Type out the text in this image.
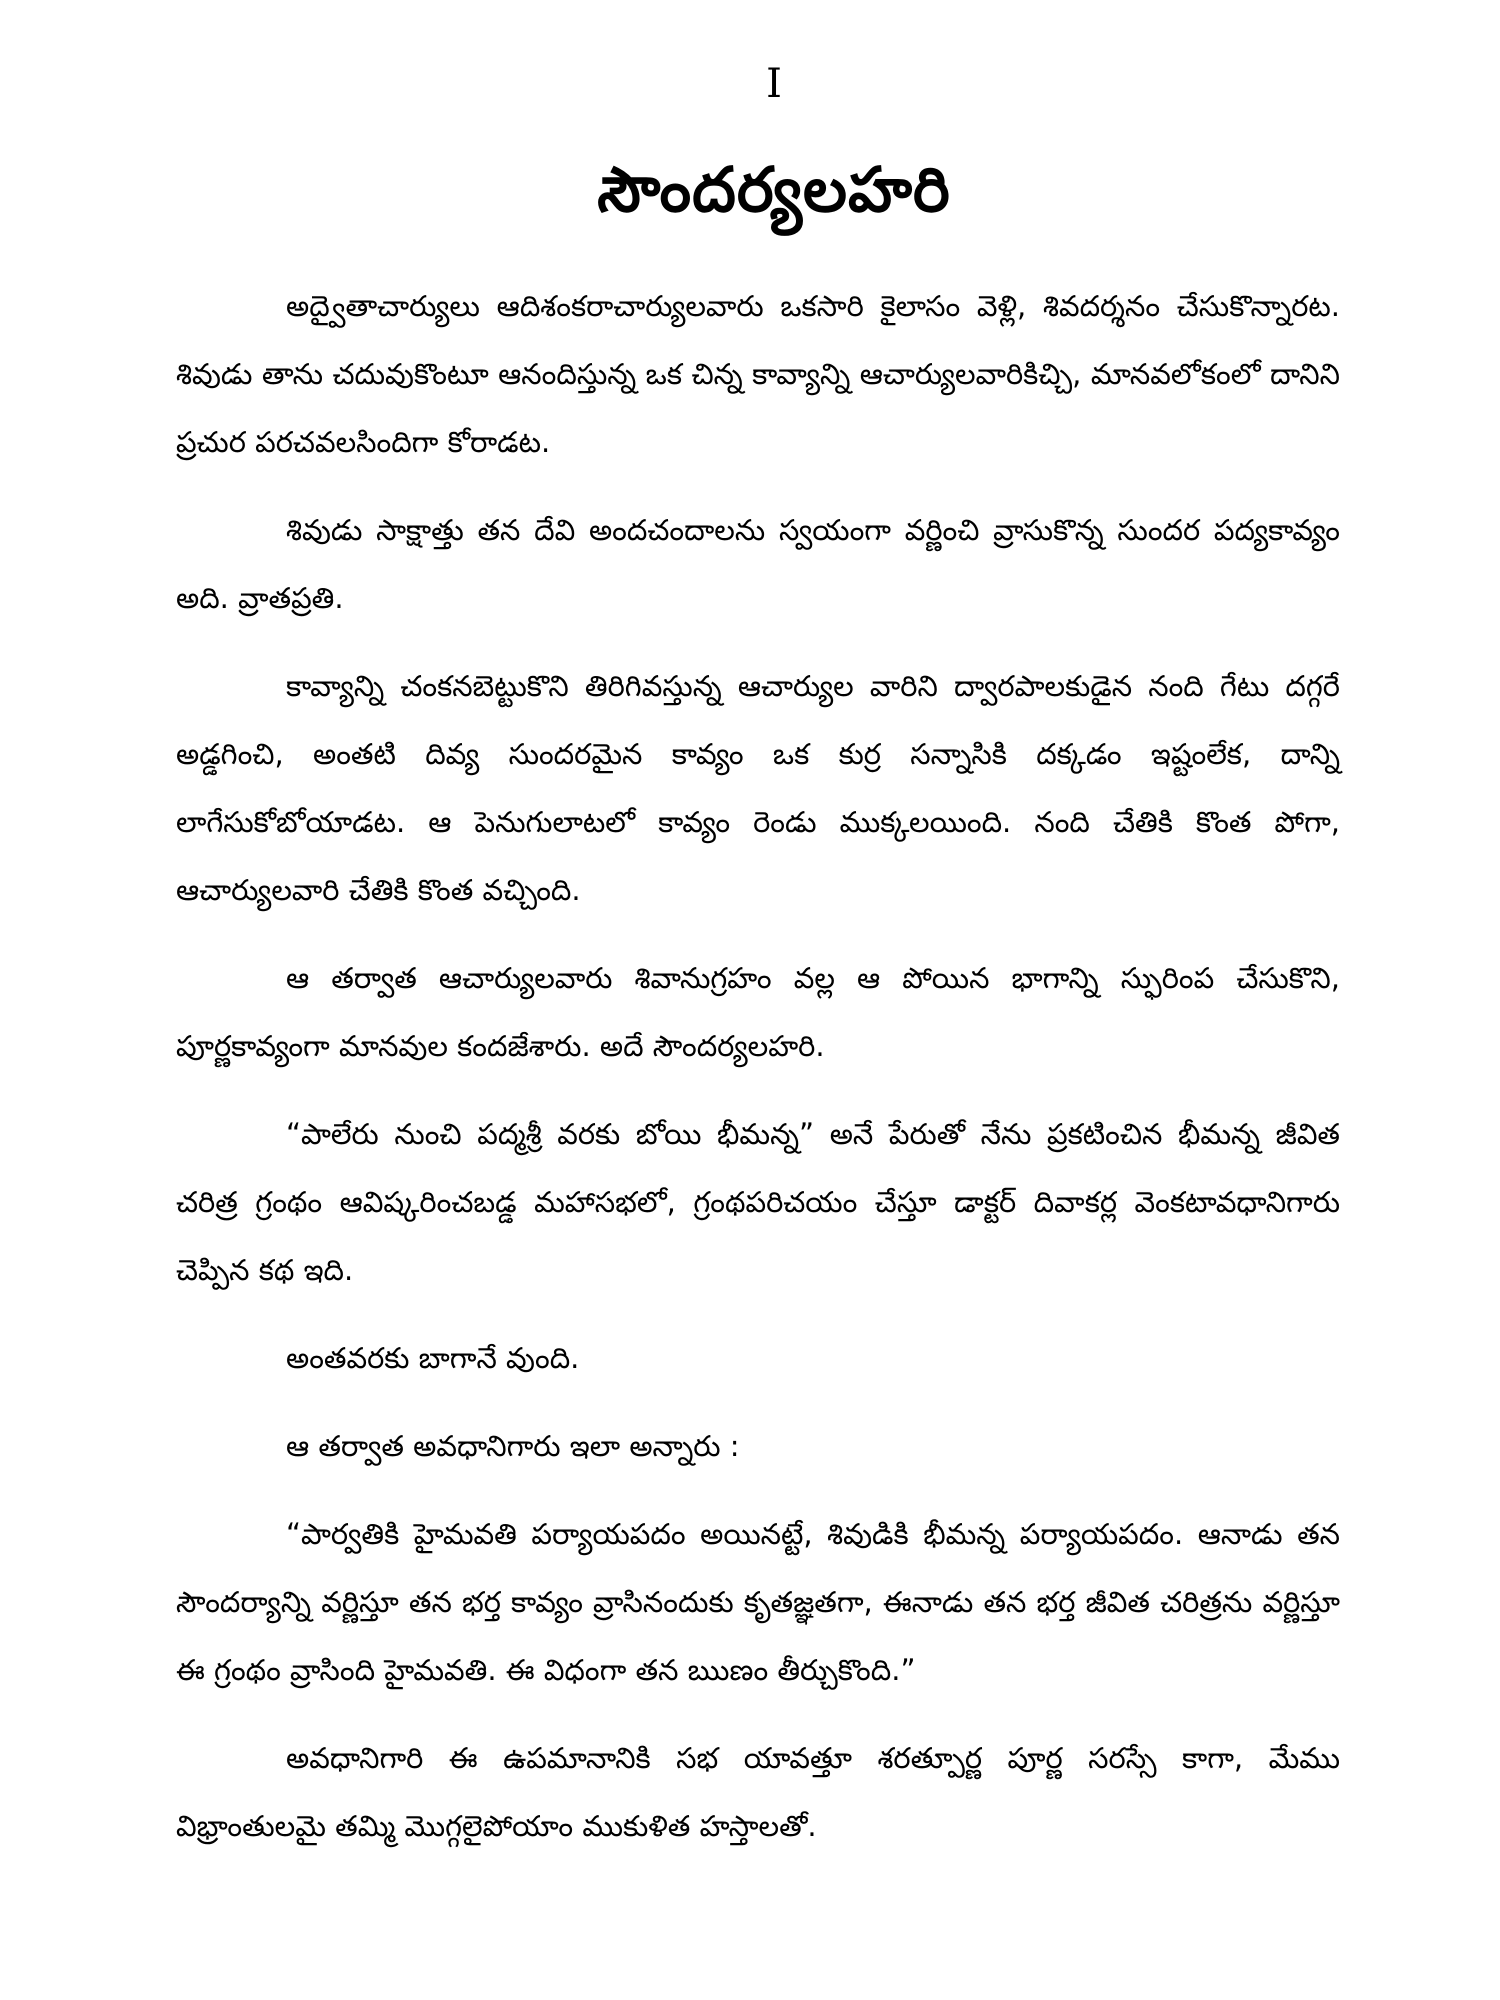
I
సౌందర్యలహరి

అద్వైతాచార్యులు ఆదిశంకరాచార్యులవారు ఒకసారి కైలాసం వెళ్లి, శివదర్శనం చేసుకొన్నారట. శివుడు తాను చదువుకొంటూ ఆనందిస్తున్న ఒక చిన్న కావ్యాన్ని ఆచార్యులవారికిచ్చి, మానవలోకంలో దానిని ప్రచుర పరచవలసిందిగా కోరాడట.

శివుడు సాక్షాత్తు తన దేవి అందచందాలను స్వయంగా వర్ణించి వ్రాసుకొన్న సుందర పద్యకావ్యం అది. వ్రాతప్రతి.

కావ్యాన్ని చంకనబెట్టుకొని తిరిగివస్తున్న ఆచార్యుల వారిని ద్వారపాలకుడైన నంది గేటు దగ్గరే అడ్డగించి, అంతటి దివ్య సుందరమైన కావ్యం ఒక కుర్ర సన్నాసికి దక్కడం ఇష్టంలేక, దాన్ని లాగేసుకోబోయాడట. ఆ పెనుగులాటలో కావ్యం రెండు ముక్కలయింది. నంది చేతికి కొంత పోగా, ఆచార్యులవారి చేతికి కొంత వచ్చింది.

ఆ తర్వాత ఆచార్యులవారు శివానుగ్రహం వల్ల ఆ పోయిన భాగాన్ని స్ఫురింప చేసుకొని, పూర్ణకావ్యంగా మానవుల కందజేశారు. అదే సౌందర్యలహరి.

“పాలేరు నుంచి పద్మశ్రీ వరకు బోయి భీమన్న” అనే పేరుతో నేను ప్రకటించిన భీమన్న జీవిత చరిత్ర గ్రంథం ఆవిష్కరించబడ్డ మహాసభలో, గ్రంథపరిచయం చేస్తూ డాక్టర్ దివాకర్ల వెంకటావధానిగారు చెప్పిన కథ ఇది.

అంతవరకు బాగానే వుంది.

ఆ తర్వాత అవధానిగారు ఇలా అన్నారు :

“పార్వతికి హైమవతి పర్యాయపదం అయినట్టే, శివుడికి భీమన్న పర్యాయపదం. ఆనాడు తన సౌందర్యాన్ని వర్ణిస్తూ తన భర్త కావ్యం వ్రాసినందుకు కృతజ్ఞతగా, ఈనాడు తన భర్త జీవిత చరిత్రను వర్ణిస్తూ ఈ గ్రంథం వ్రాసింది హైమవతి. ఈ విధంగా తన ఋణం తీర్చుకొంది.”

అవధానిగారి ఈ ఉపమానానికి సభ యావత్తూ శరత్పూర్ణ పూర్ణ సరస్సే కాగా, మేము విభ్రాంతులమై తమ్మి మొగ్గలైపోయాం ముకుళిత హస్తాలతో.
